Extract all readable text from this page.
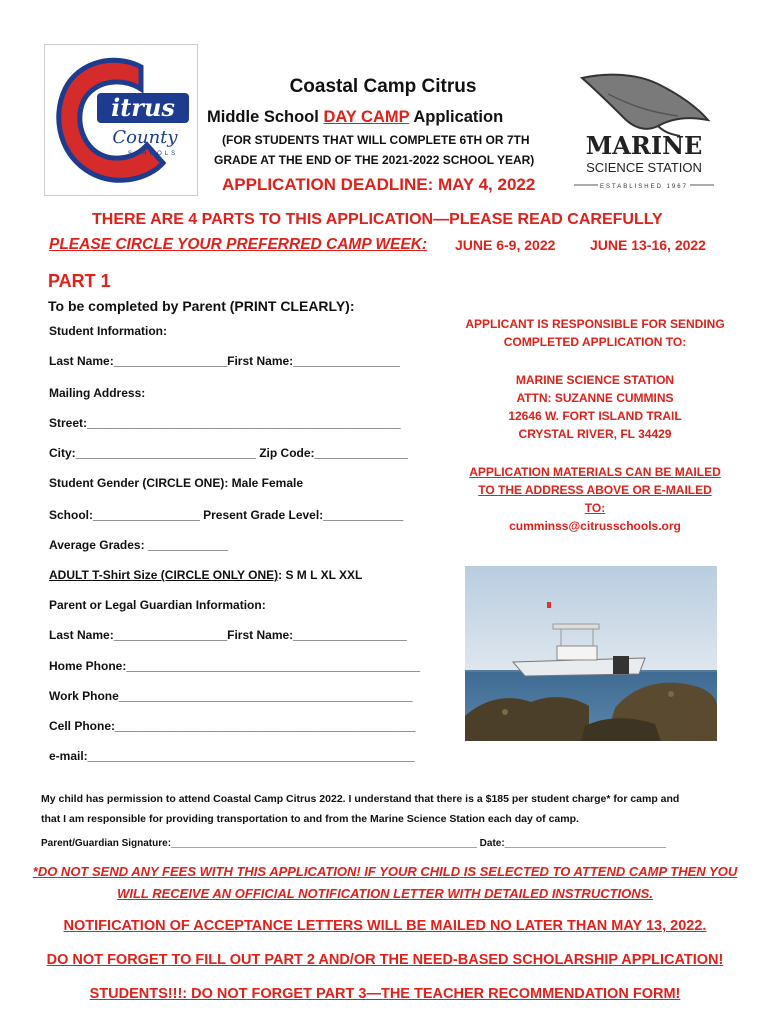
itrus
County
SCHOOLS	MARINE
SCIENCE STATION
ESTABLISHED 1967
Coastal Camp Citrus
Middle School DAY CAMP Application
(FOR STUDENTS THAT WILL COMPLETE 6TH OR 7TH
GRADE AT THE END OF THE 2021-2022 SCHOOL YEAR)
APPLICATION DEADLINE: MAY 4, 2022
THERE ARE 4 PARTS TO THIS APPLICATION—PLEASE READ CAREFULLY
PLEASE CIRCLE YOUR PREFERRED CAMP WEEK: JUNE 6-9, 2022 JUNE 13-16, 2022
PART 1
To be completed by Parent (PRINT CLEARLY):
Student Information:
Last Name:_________________First Name:________________
Mailing Address:
Street:_______________________________________________
City:___________________________ Zip Code:______________
Student Gender (CIRCLE ONE): Male Female
School:________________ Present Grade Level:____________
Average Grades: ____________
ADULT T-Shirt Size (CIRCLE ONLY ONE): S M L XL XXL
Parent or Legal Guardian Information:
Last Name:_________________First Name:_________________
Home Phone:____________________________________________
Work Phone____________________________________________
Cell Phone:_____________________________________________
e-mail:_________________________________________________
APPLICANT IS RESPONSIBLE FOR SENDING
COMPLETED APPLICATION TO:
MARINE SCIENCE STATION
ATTN: SUZANNE CUMMINS
12646 W. FORT ISLAND TRAIL
CRYSTAL RIVER, FL 34429
APPLICATION MATERIALS CAN BE MAILED
TO THE ADDRESS ABOVE OR E-MAILED
TO:
cumminss@citrusschools.org
My child has permission to attend Coastal Camp Citrus 2022. I understand that there is a $185 per student charge* for camp and
that I am responsible for providing transportation to and from the Marine Science Station each day of camp.
Parent/Guardian Signature:_______________________________________________________ Date:_____________________________
*DO NOT SEND ANY FEES WITH THIS APPLICATION! IF YOUR CHILD IS SELECTED TO ATTEND CAMP THEN YOU
WILL RECEIVE AN OFFICIAL NOTIFICATION LETTER WITH DETAILED INSTRUCTIONS.
NOTIFICATION OF ACCEPTANCE LETTERS WILL BE MAILED NO LATER THAN MAY 13, 2022.
DO NOT FORGET TO FILL OUT PART 2 AND/OR THE NEED-BASED SCHOLARSHIP APPLICATION!
STUDENTS!!!: DO NOT FORGET PART 3—THE TEACHER RECOMMENDATION FORM!
